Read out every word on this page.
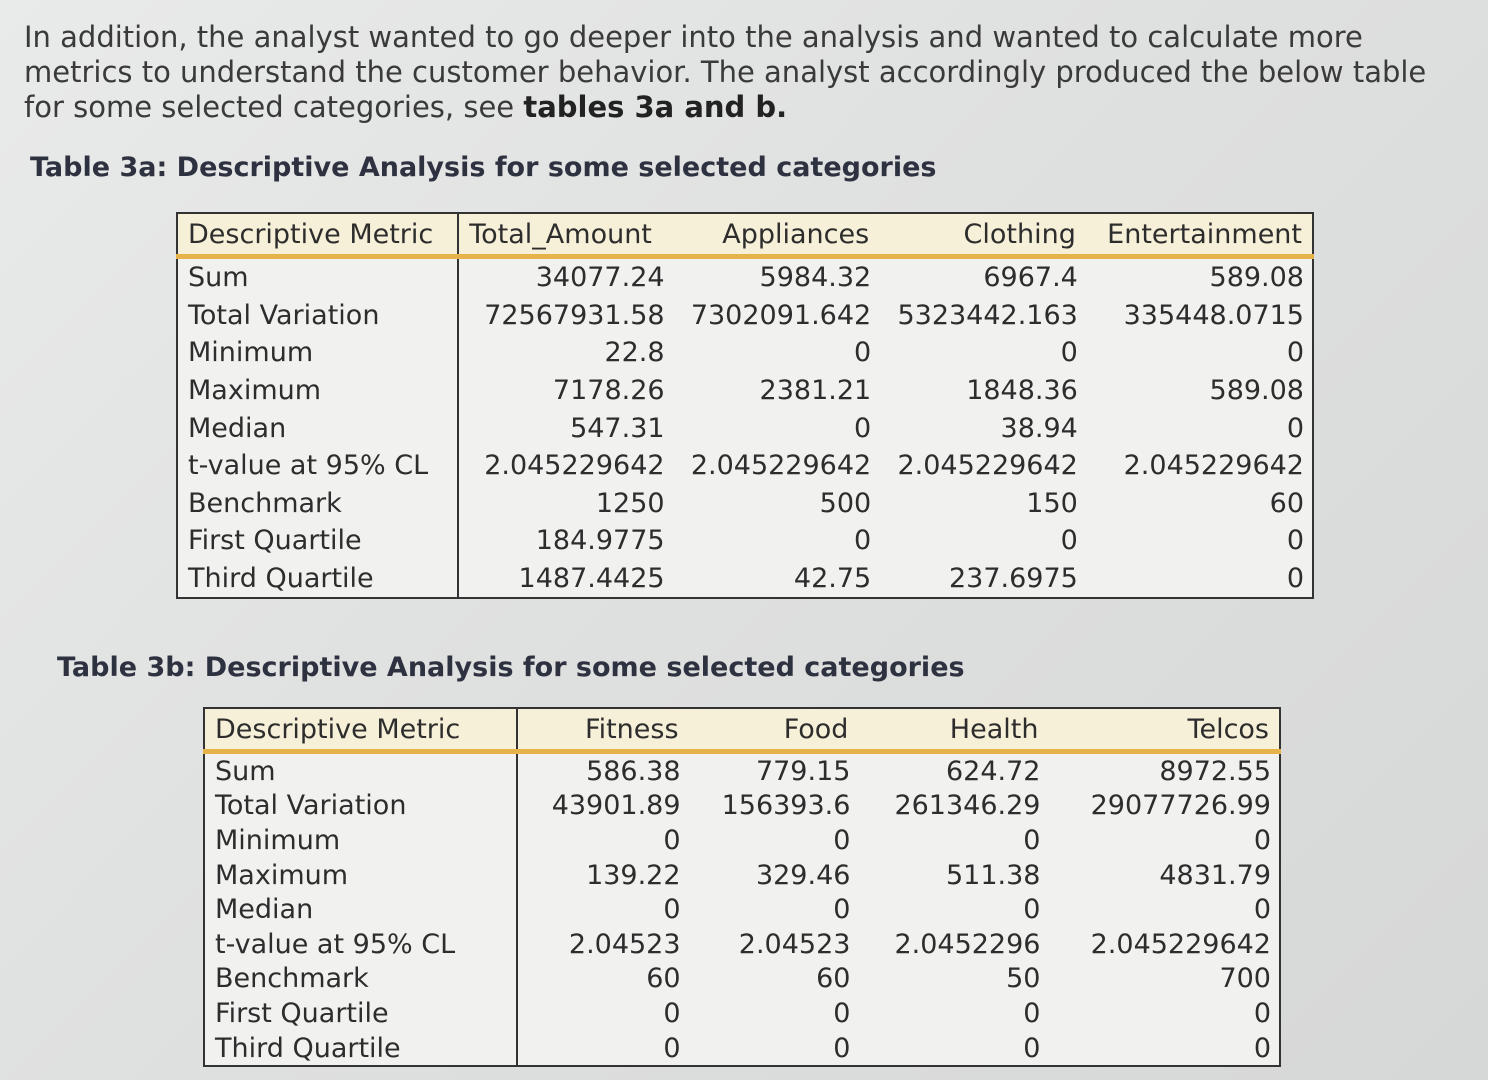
In addition, the analyst wanted to go deeper into the analysis and wanted to calculate more metrics to understand the customer behavior. The analyst accordingly produced the below table for some selected categories, see tables 3a and b.

Table 3a: Descriptive Analysis for some selected categories
Descriptive Metric	Total_Amount	Appliances	Clothing	Entertainment
Sum	34077.24	5984.32	6967.4	589.08
Total Variation	72567931.58	7302091.642	5323442.163	335448.0715
Minimum	22.8	0	0	0
Maximum	7178.26	2381.21	1848.36	589.08
Median	547.31	0	38.94	0
t-value at 95% CL	2.045229642	2.045229642	2.045229642	2.045229642
Benchmark	1250	500	150	60
First Quartile	184.9775	0	0	0
Third Quartile	1487.4425	42.75	237.6975	0
Table 3b: Descriptive Analysis for some selected categories
Descriptive Metric	Fitness	Food	Health	Telcos
Sum	586.38	779.15	624.72	8972.55
Total Variation	43901.89	156393.6	261346.29	29077726.99
Minimum	0	0	0	0
Maximum	139.22	329.46	511.38	4831.79
Median	0	0	0	0
t-value at 95% CL	2.04523	2.04523	2.0452296	2.045229642
Benchmark	60	60	50	700
First Quartile	0	0	0	0
Third Quartile	0	0	0	0
